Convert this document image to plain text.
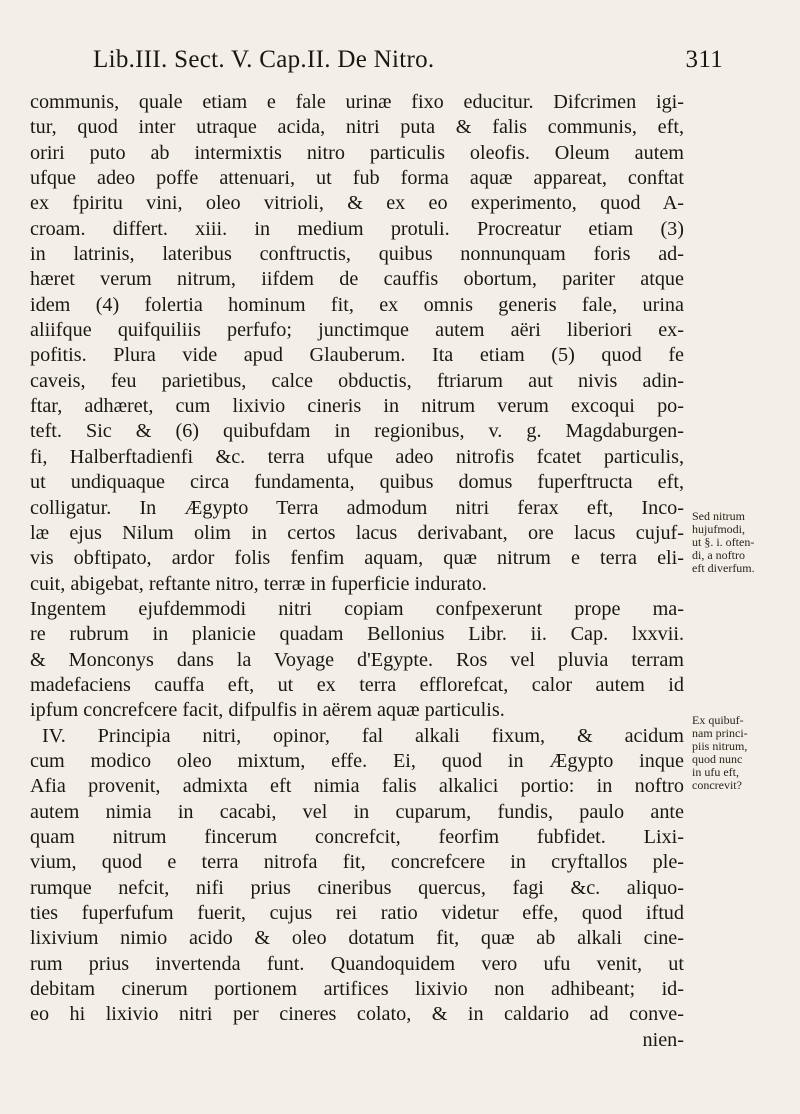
Lib.III. Sect. V. Cap.II. De Nitro.	311
communis, quale etiam e fale urinæ fixo educitur. Difcrimen igi-
tur, quod inter utraque acida, nitri puta & falis communis, eft,
oriri puto ab intermixtis nitro particulis oleofis. Oleum autem
ufque adeo poffe attenuari, ut fub forma aquæ appareat, conftat
ex fpiritu vini, oleo vitrioli, & ex eo experimento, quod A-
croam. differt. xiii. in medium protuli. Procreatur etiam (3)
in latrinis, lateribus conftructis, quibus nonnunquam foris ad-
hæret verum nitrum, iifdem de cauffis obortum, pariter atque
idem (4) folertia hominum fit, ex omnis generis fale, urina
aliifque quifquiliis perfufo; junctimque autem aëri liberiori ex-
pofitis. Plura vide apud Glauberum. Ita etiam (5) quod fe
caveis, feu parietibus, calce obductis, ftriarum aut nivis adin-
ftar, adhæret, cum lixivio cineris in nitrum verum excoqui po-
teft. Sic & (6) quibufdam in regionibus, v. g. Magdaburgen-
fi, Halberftadienfi &c. terra ufque adeo nitrofis fcatet particulis,
ut undiquaque circa fundamenta, quibus domus fuperftructa eft,
colligatur. In Ægypto Terra admodum nitri ferax eft, Inco-
læ ejus Nilum olim in certos lacus derivabant, ore lacus cujuf-
vis obftipato, ardor folis fenfim aquam, quæ nitrum e terra eli-
cuit, abigebat, reftante nitro, terræ in fuperficie indurato.
Ingentem ejufdemmodi nitri copiam confpexerunt prope ma-
re rubrum in planicie quadam Bellonius Libr. ii. Cap. lxxvii.
& Monconys dans la Voyage d'Egypte. Ros vel pluvia terram
madefaciens cauffa eft, ut ex terra efflorefcat, calor autem id
ipfum concrefcere facit, difpulfis in aërem aquæ particulis.
IV. Principia nitri, opinor, fal alkali fixum, & acidum
cum modico oleo mixtum, effe. Ei, quod in Ægypto inque
Afia provenit, admixta eft nimia falis alkalici portio: in noftro
autem nimia in cacabi, vel in cuparum, fundis, paulo ante
quam nitrum fincerum concrefcit, feorfim fubfidet. Lixi-
vium, quod e terra nitrofa fit, concrefcere in cryftallos ple-
rumque nefcit, nifi prius cineribus quercus, fagi &c. aliquo-
ties fuperfufum fuerit, cujus rei ratio videtur effe, quod iftud
lixivium nimio acido & oleo dotatum fit, quæ ab alkali cine-
rum prius invertenda funt. Quandoquidem vero ufu venit, ut
debitam cinerum portionem artifices lixivio non adhibeant; id-
eo hi lixivio nitri per cineres colato, & in caldario ad conve-
nien-
Sed nitrum
hujufmodi,
ut §. i. often-
di, a noftro
eft diverfum.
Ex quibuf-
nam princi-
piis nitrum,
quod nunc
in ufu eft,
concrevit?
